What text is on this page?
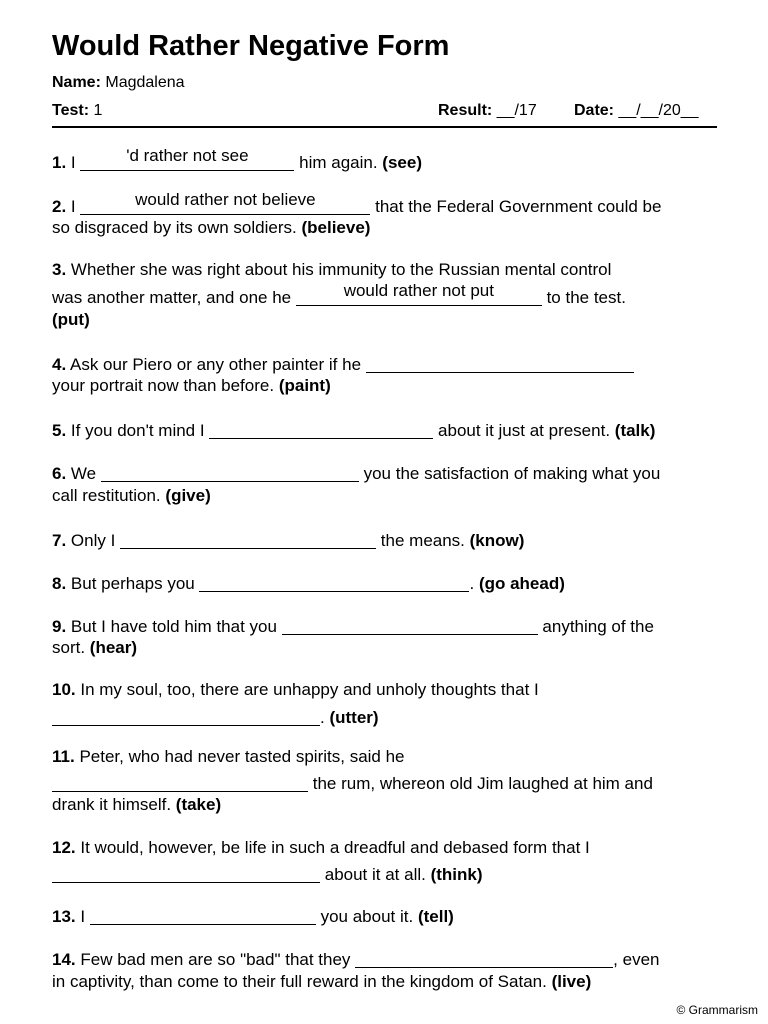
Would Rather Negative Form
Name: Magdalena
Test: 1	Result: __/17 Date: __/__/20__
1. I	'd rather not see	him again. (see)
2. I	would rather not believe	that the Federal Government could be
so disgraced by its own soldiers. (believe)
3. Whether she was right about his immunity to the Russian mental control
was another matter, and one he	would rather not put	to the test.
(put)
4. Ask our Piero or any other painter if he
your portrait now than before. (paint)
5. If you don't mind I	about it just at present. (talk)
6. We	you the satisfaction of making what you
call restitution. (give)
7. Only I	the means. (know)
8. But perhaps you	. (go ahead)
9. But I have told him that you	anything of the
sort. (hear)
10. In my soul, too, there are unhappy and unholy thoughts that I
. (utter)
11. Peter, who had never tasted spirits, said he
the rum, whereon old Jim laughed at him and
drank it himself. (take)
12. It would, however, be life in such a dreadful and debased form that I
about it at all. (think)
13. I	you about it. (tell)
14. Few bad men are so "bad" that they	, even
in captivity, than come to their full reward in the kingdom of Satan. (live)
© Grammarism
